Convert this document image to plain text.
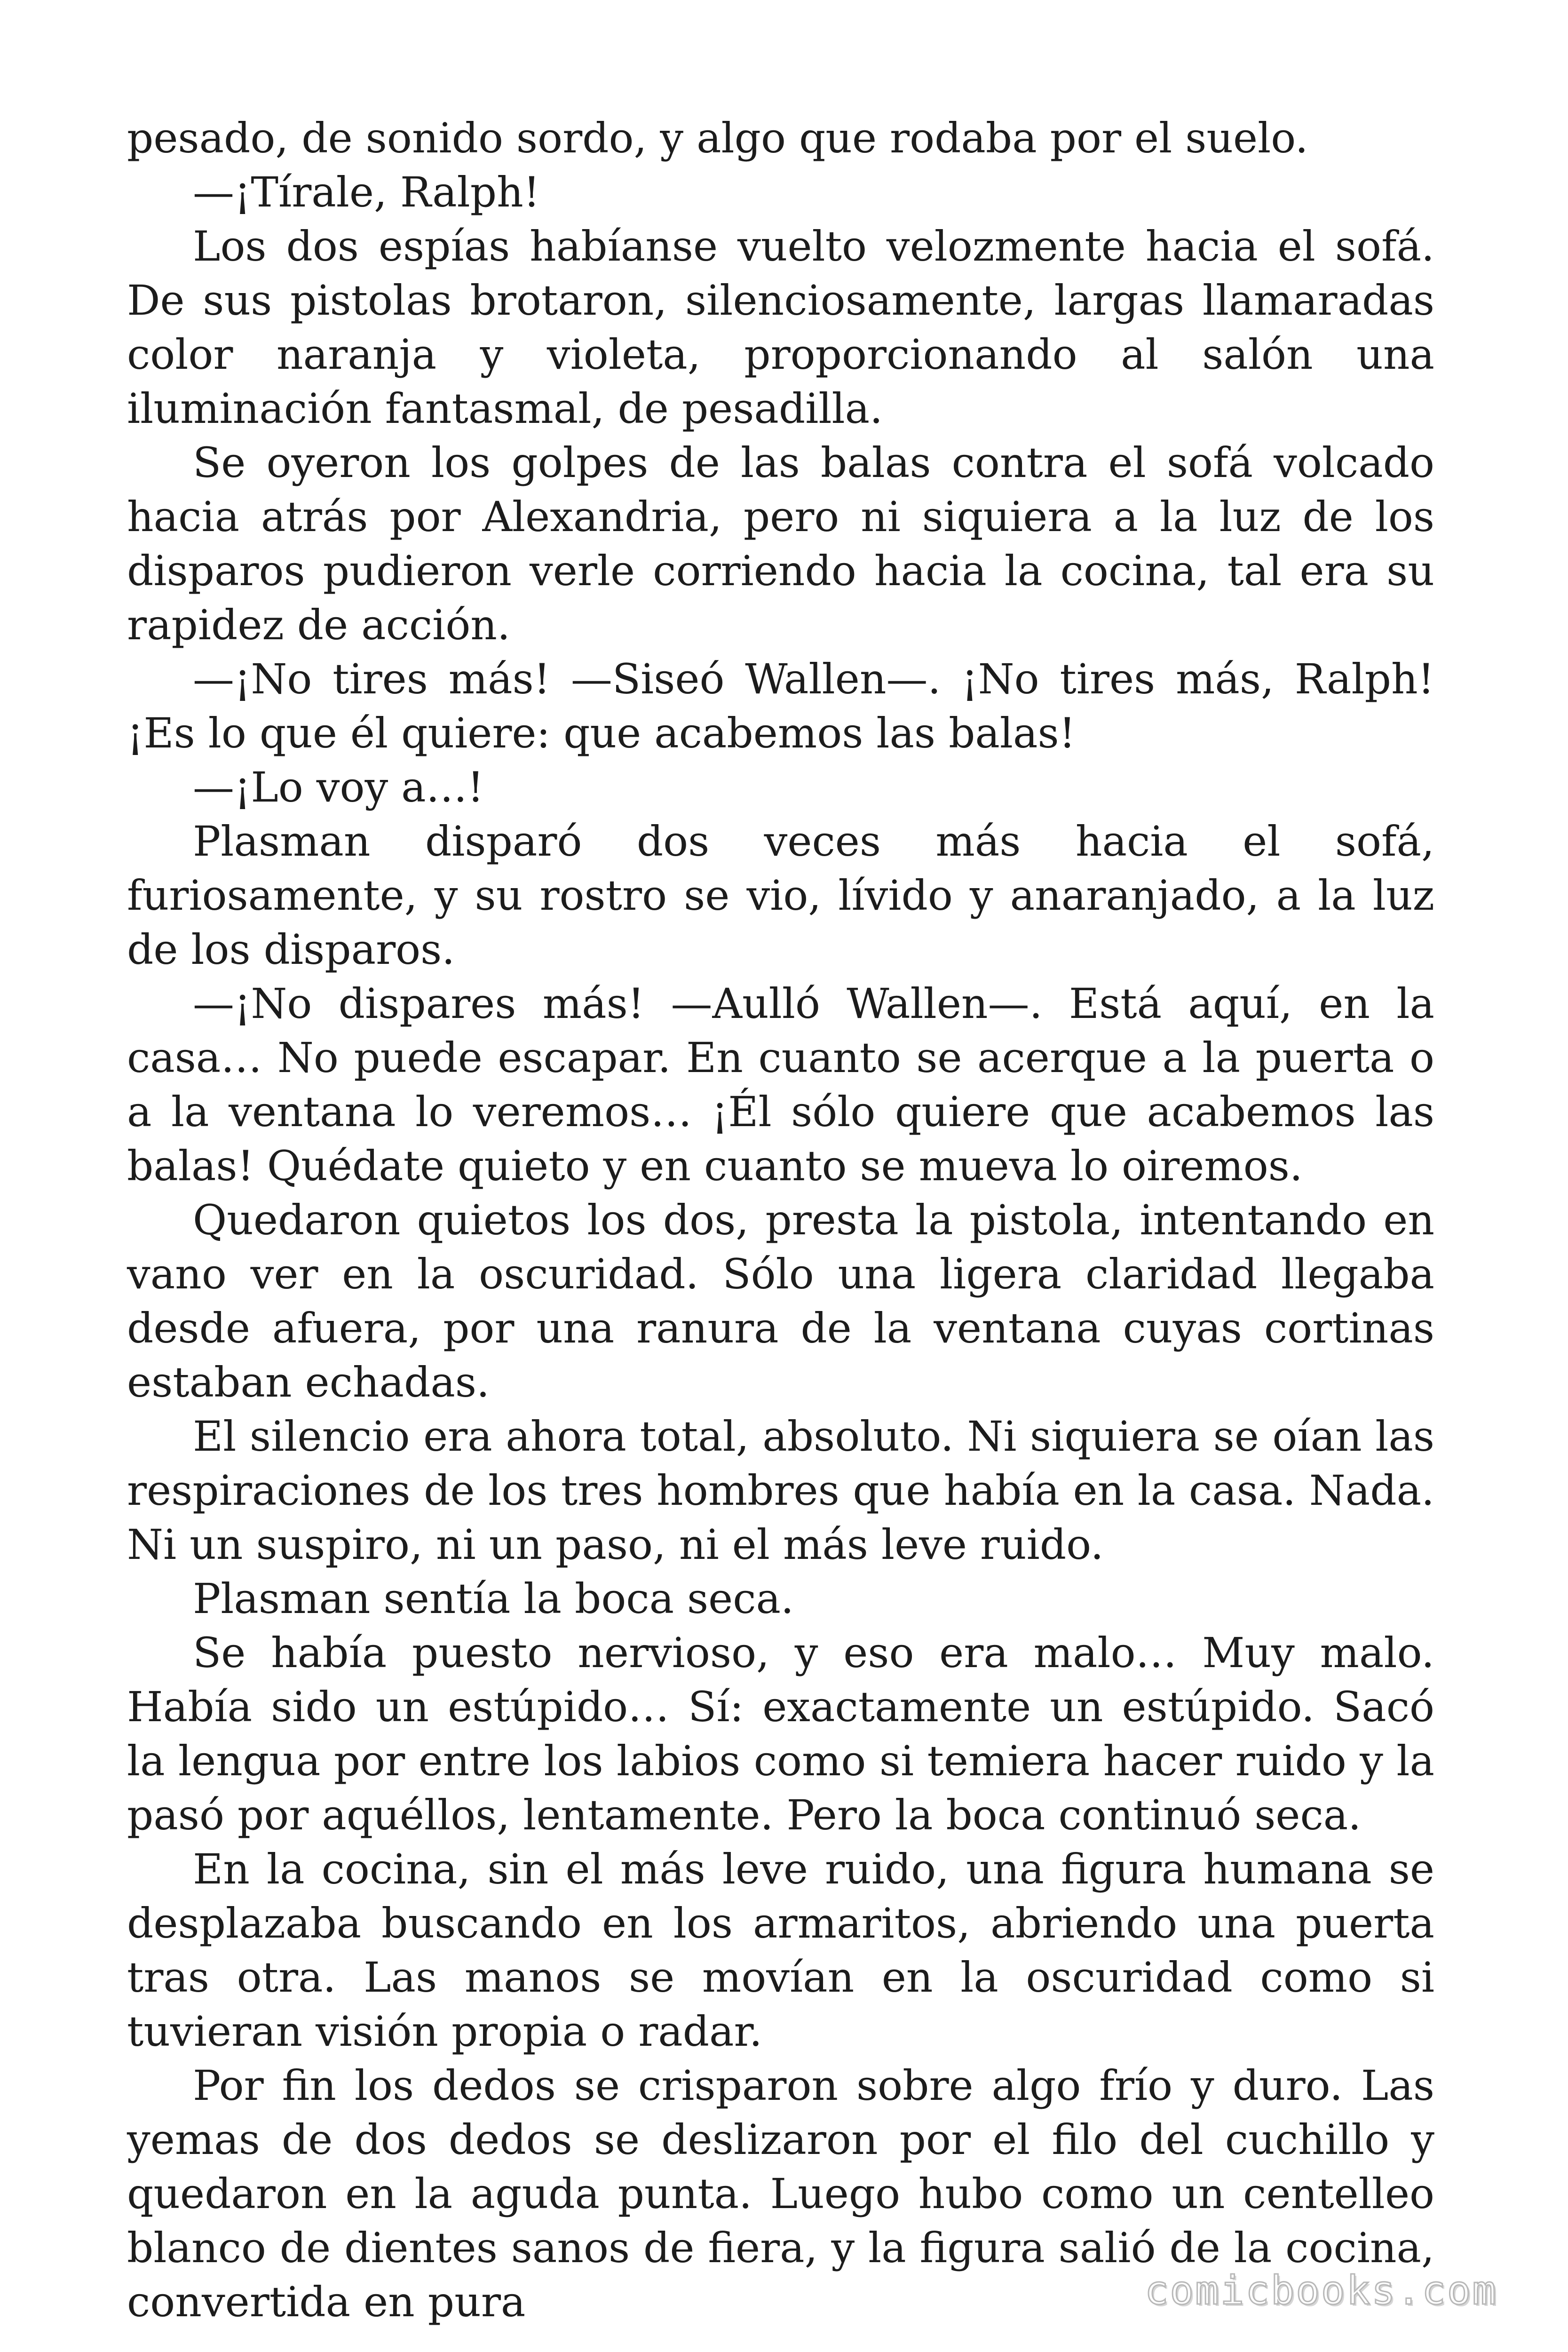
pesado, de sonido sordo, y algo que rodaba por el suelo.

—¡Tírale, Ralph!

Los dos espías habíanse vuelto velozmente hacia el sofá. De sus pistolas brotaron, silenciosamente, largas llamaradas color naranja y violeta, proporcionando al salón una iluminación fantasmal, de pesadilla.

Se oyeron los golpes de las balas contra el sofá volcado hacia atrás por Alexandria, pero ni siquiera a la luz de los disparos pudieron verle corriendo hacia la cocina, tal era su rapidez de acción.

—¡No tires más! —Siseó Wallen—. ¡No tires más, Ralph! ¡Es lo que él quiere: que acabemos las balas!

—¡Lo voy a…!

Plasman disparó dos veces más hacia el sofá, furiosamente, y su rostro se vio, lívido y anaranjado, a la luz de los disparos.

—¡No dispares más! —Aulló Wallen—. Está aquí, en la casa… No puede escapar. En cuanto se acerque a la puerta o a la ventana lo veremos… ¡Él sólo quiere que acabemos las balas! Quédate quieto y en cuanto se mueva lo oiremos.

Quedaron quietos los dos, presta la pistola, intentando en vano ver en la oscuridad. Sólo una ligera claridad llegaba desde afuera, por una ranura de la ventana cuyas cortinas estaban echadas.

El silencio era ahora total, absoluto. Ni siquiera se oían las respiraciones de los tres hombres que había en la casa. Nada. Ni un suspiro, ni un paso, ni el más leve ruido.

Plasman sentía la boca seca.

Se había puesto nervioso, y eso era malo… Muy malo. Había sido un estúpido… Sí: exactamente un estúpido. Sacó la lengua por entre los labios como si temiera hacer ruido y la pasó por aquéllos, lentamente. Pero la boca continuó seca.

En la cocina, sin el más leve ruido, una figura humana se desplazaba buscando en los armaritos, abriendo una puerta tras otra. Las manos se movían en la oscuridad como si tuvieran visión propia o radar.

Por fin los dedos se crisparon sobre algo frío y duro. Las yemas de dos dedos se deslizaron por el filo del cuchillo y quedaron en la aguda punta. Luego hubo como un centelleo blanco de dientes sanos de fiera, y la figura salió de la cocina, convertida en pura	comicbooks.com
